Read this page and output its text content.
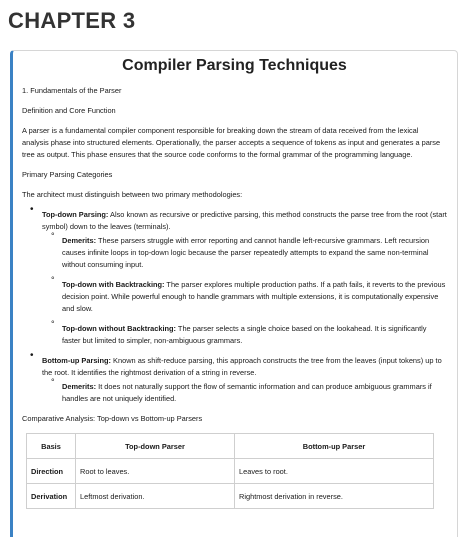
CHAPTER 3
Compiler Parsing Techniques
1. Fundamentals of the Parser
Definition and Core Function
A parser is a fundamental compiler component responsible for breaking down the stream of data received from the lexical analysis phase into structured elements. Operationally, the parser accepts a sequence of tokens as input and generates a parse tree as output. This phase ensures that the source code conforms to the formal grammar of the programming language.
Primary Parsing Categories
The architect must distinguish between two primary methodologies:
• Top-down Parsing: Also known as recursive or predictive parsing, this method constructs the parse tree from the root (start symbol) down to the leaves (terminals).
° Demerits: These parsers struggle with error reporting and cannot handle left-recursive grammars. Left recursion causes infinite loops in top-down logic because the parser repeatedly attempts to expand the same non-terminal without consuming input.
° Top-down with Backtracking: The parser explores multiple production paths. If a path fails, it reverts to the previous decision point. While powerful enough to handle grammars with multiple extensions, it is computationally expensive and slow.
° Top-down without Backtracking: The parser selects a single choice based on the lookahead. It is significantly faster but limited to simpler, non-ambiguous grammars.
• Bottom-up Parsing: Known as shift-reduce parsing, this approach constructs the tree from the leaves (input tokens) up to the root. It identifies the rightmost derivation of a string in reverse.
° Demerits: It does not naturally support the flow of semantic information and can produce ambiguous grammars if handles are not uniquely identified.
Comparative Analysis: Top-down vs Bottom-up Parsers
Basis	Top-down Parser	Bottom-up Parser
Direction	Root to leaves.	Leaves to root.
Derivation	Leftmost derivation.	Rightmost derivation in reverse.
